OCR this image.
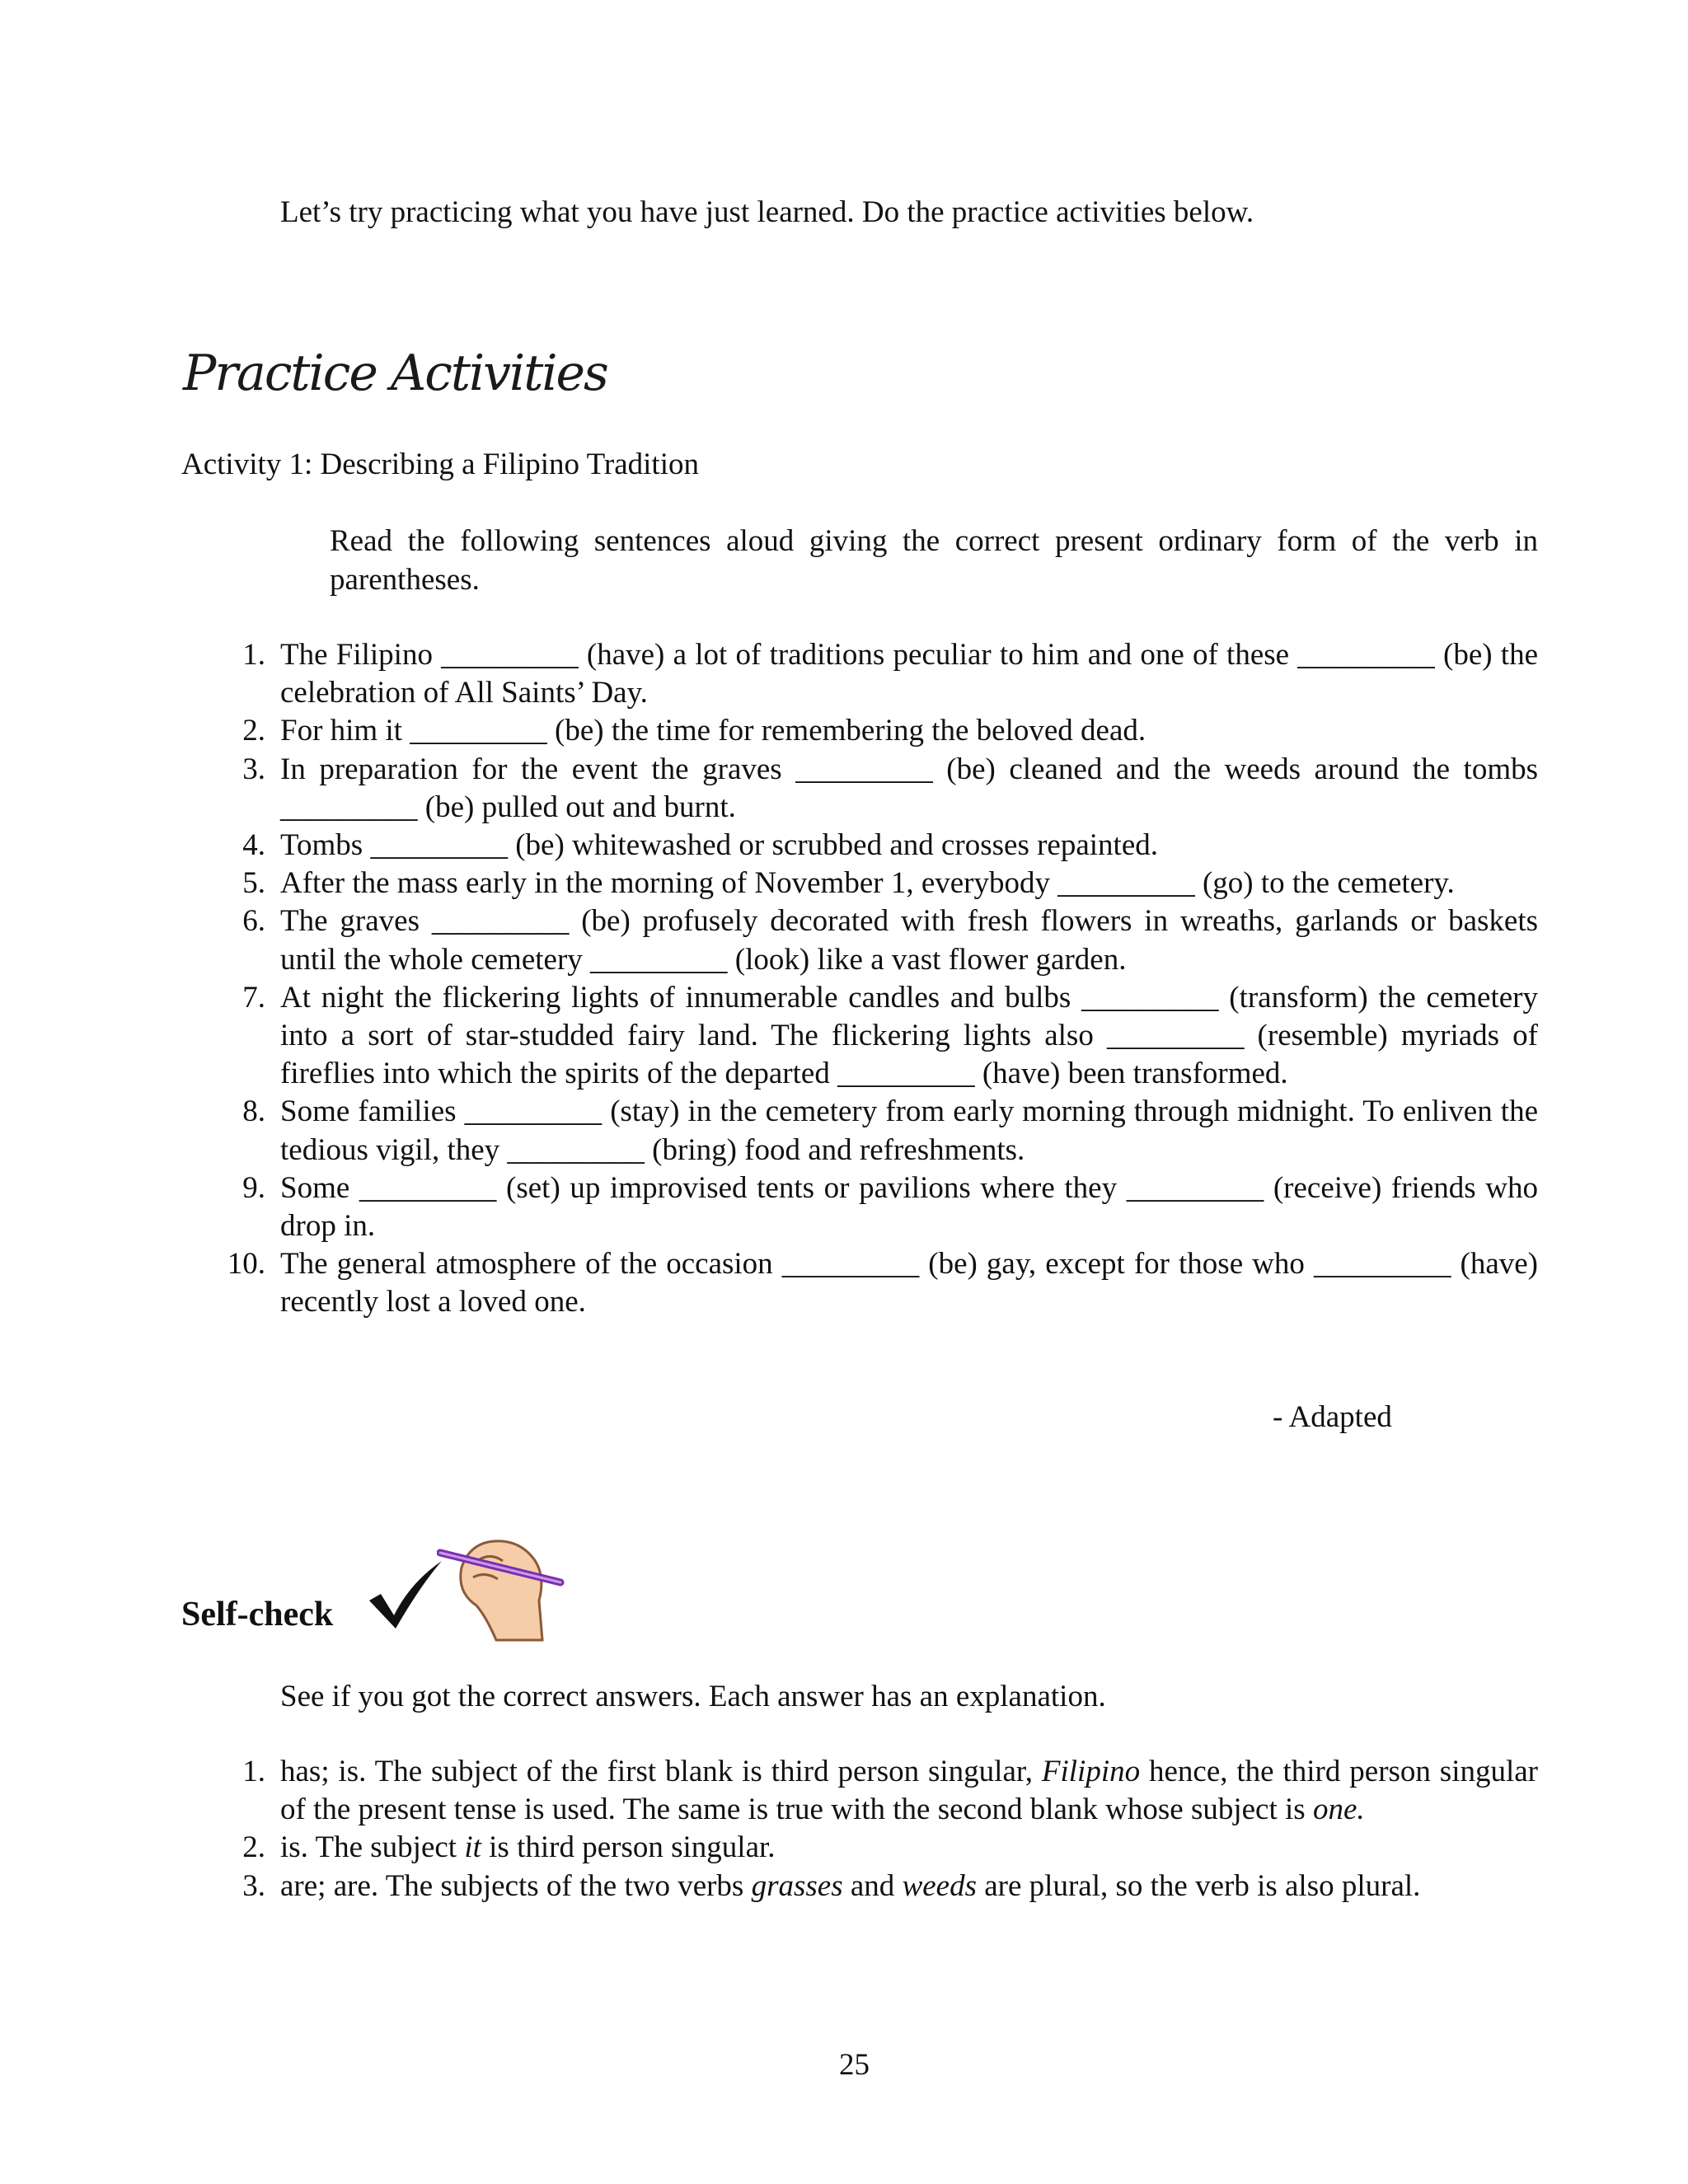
Let’s try practicing what you have just learned. Do the practice activities below.
Practice Activities
Activity 1: Describing a Filipino Tradition
Read the following sentences aloud giving the correct present ordinary form of the verb in parentheses.
1. The Filipino _________ (have) a lot of traditions peculiar to him and one of these _________ (be) the celebration of All Saints’ Day.
2. For him it _________ (be) the time for remembering the beloved dead.
3. In preparation for the event the graves _________ (be) cleaned and the weeds around the tombs _________ (be) pulled out and burnt.
4. Tombs _________ (be) whitewashed or scrubbed and crosses repainted.
5. After the mass early in the morning of November 1, everybody _________ (go) to the cemetery.
6. The graves _________ (be) profusely decorated with fresh flowers in wreaths, garlands or baskets until the whole cemetery _________ (look) like a vast flower garden.
7. At night the flickering lights of innumerable candles and bulbs _________ (transform) the cemetery into a sort of star-studded fairy land. The flickering lights also _________ (resemble) myriads of fireflies into which the spirits of the departed _________ (have) been transformed.
8. Some families _________ (stay) in the cemetery from early morning through midnight. To enliven the tedious vigil, they _________ (bring) food and refreshments.
9. Some _________ (set) up improvised tents or pavilions where they _________ (receive) friends who drop in.
10. The general atmosphere of the occasion _________ (be) gay, except for those who _________ (have) recently lost a loved one.
- Adapted
Self-check
See if you got the correct answers. Each answer has an explanation.
1. has; is. The subject of the first blank is third person singular, Filipino hence, the third person singular of the present tense is used. The same is true with the second blank whose subject is one.
2. is. The subject it is third person singular.
3. are; are. The subjects of the two verbs grasses and weeds are plural, so the verb is also plural.
25
